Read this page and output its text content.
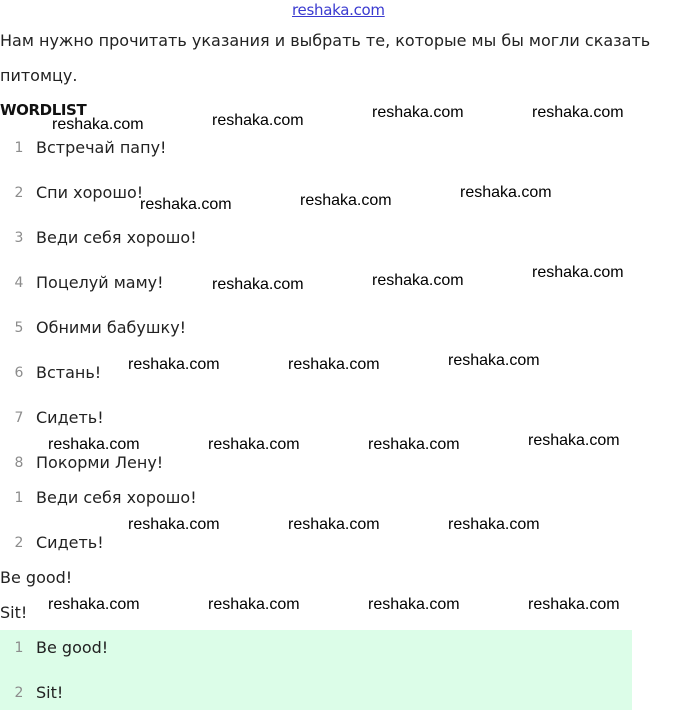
reshaka.com
Нам нужно прочитать указания и выбрать те, которые мы бы могли сказать питомцу.
WORDLIST
1 Встречай папу!
2 Спи хорошо!
3 Веди себя хорошо!
4 Поцелуй маму!
5 Обними бабушку!
6 Встань!
7 Сидеть!
8 Покорми Лену!
1 Веди себя хорошо!
2 Сидеть!
Be good!
Sit!
1 Be good!
2 Sit!
reshaka.com	reshaka.com	reshaka.com	reshaka.com
reshaka.com	reshaka.com	reshaka.com
reshaka.com	reshaka.com	reshaka.com
reshaka.com	reshaka.com	reshaka.com
reshaka.com	reshaka.com	reshaka.com	reshaka.com
reshaka.com	reshaka.com	reshaka.com
reshaka.com	reshaka.com	reshaka.com	reshaka.com
